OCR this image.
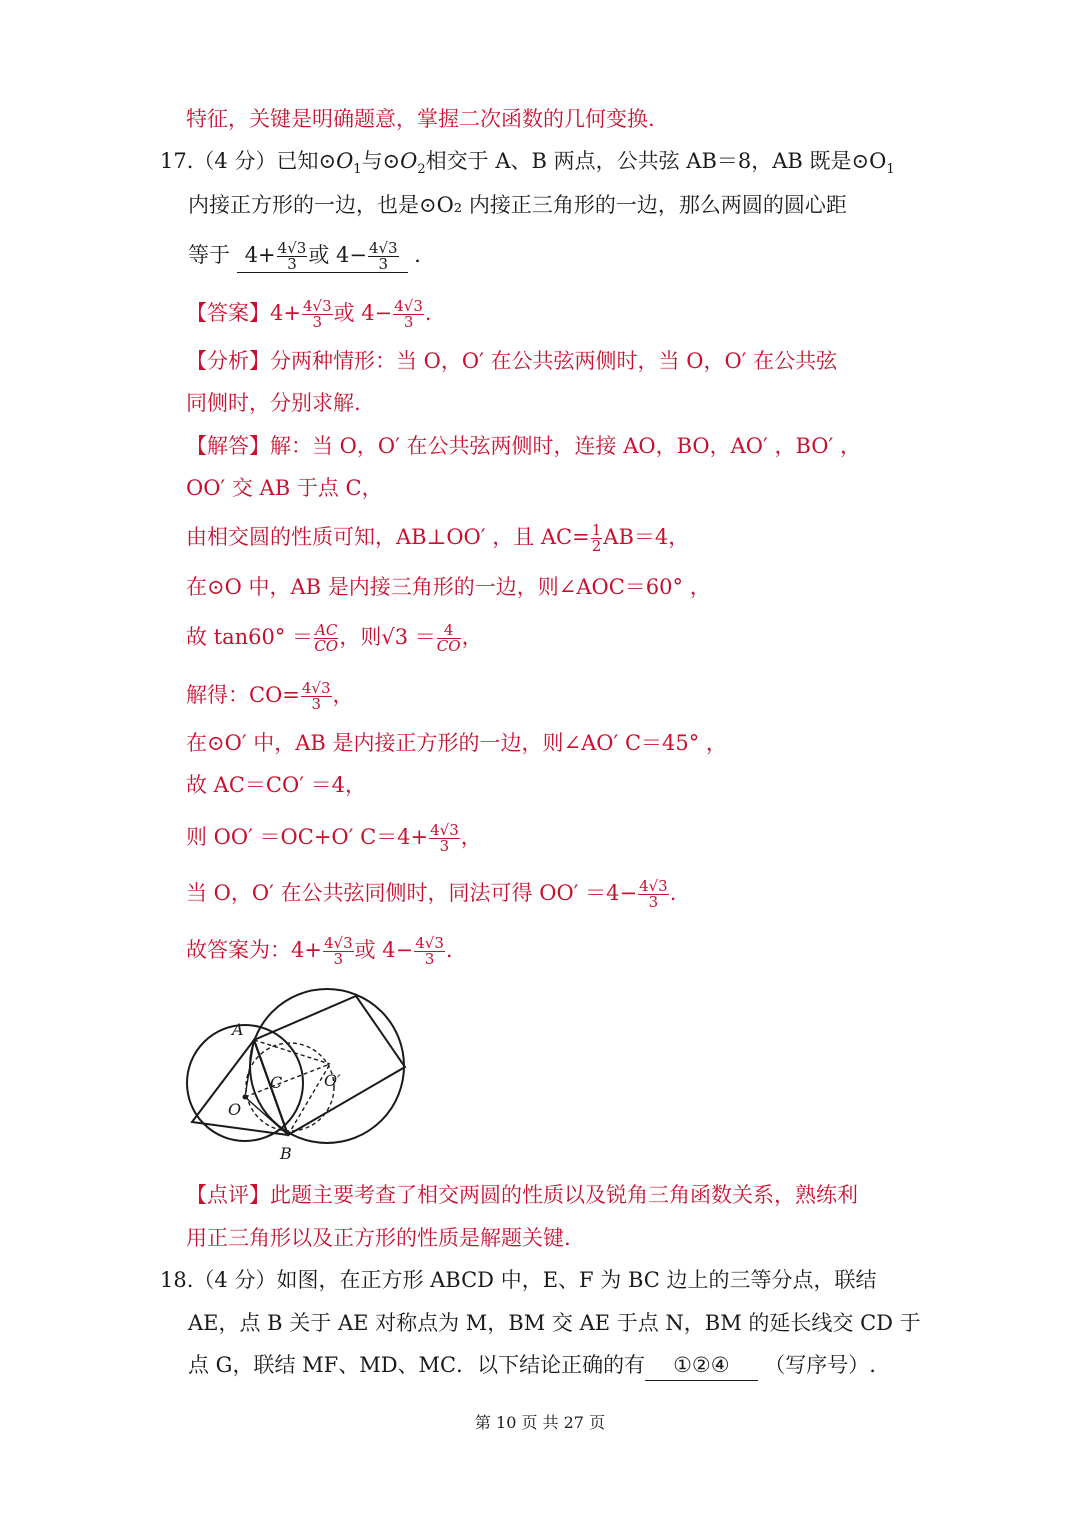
特征，关键是明确题意，掌握二次函数的几何变换.
17.（4 分）已知$⊙O_1$与$⊙O_2$相交于 A、B 两点，公共弦 AB＝8，AB 既是$⊙O_1$
内接正方形的一边，也是⊙O₂ 内接正三角形的一边，那么两圆的圆心距
等于 $4+ \frac{4√3}{3}$ 或 $4- \frac{4√3}{3}$ ．
【答案】$4+ \frac{4√3}{3}$ 或 $4- \frac{4√3}{3}$ .
【分析】分两种情形：当 O，O′ 在公共弦两侧时，当 O，O′ 在公共弦
同侧时，分别求解.
【解答】解：当 O，O′ 在公共弦两侧时，连接 AO，BO，AO′ ，BO′ ，
OO′ 交 AB 于点 C，
由相交圆的性质可知，AB⊥OO′ ，且 $AC= \frac{1}{2} AB=4$，
在⊙O 中，AB 是内接三角形的一边，则∠AOC＝60° ，
故 $\tan 60^\circ = \frac{AC}{CO}$ ，则$√3 = \frac{4}{CO}$ ，
解得：$CO= \frac{4√3}{3}$ ，
在⊙O′ 中，AB 是内接正方形的一边，则∠AO′ C＝45° ，
故 AC＝CO′ ＝4，
则 OO′ ＝OC+O′ $C=4+ \frac{4√3}{3}$ ，
当 O，O′ 在公共弦同侧时，同法可得 $OO' =4- \frac{4√3}{3}$ .
故答案为：$4+ \frac{4√3}{3}$ 或 $4- \frac{4√3}{3}$ .
A
B
C
O
O′
【点评】此题主要考查了相交两圆的性质以及锐角三角函数关系，熟练利
用正三角形以及正方形的性质是解题关键.
18.（4 分）如图，在正方形 ABCD 中，E、F 为 BC 边上的三等分点，联结
AE，点 B 关于 AE 对称点为 M，BM 交 AE 于点 N，BM 的延长线交 CD 于
点 G，联结 MF、MD、MC．以下结论正确的有 ①②④ （写序号）.
第 10 页 共 27 页
